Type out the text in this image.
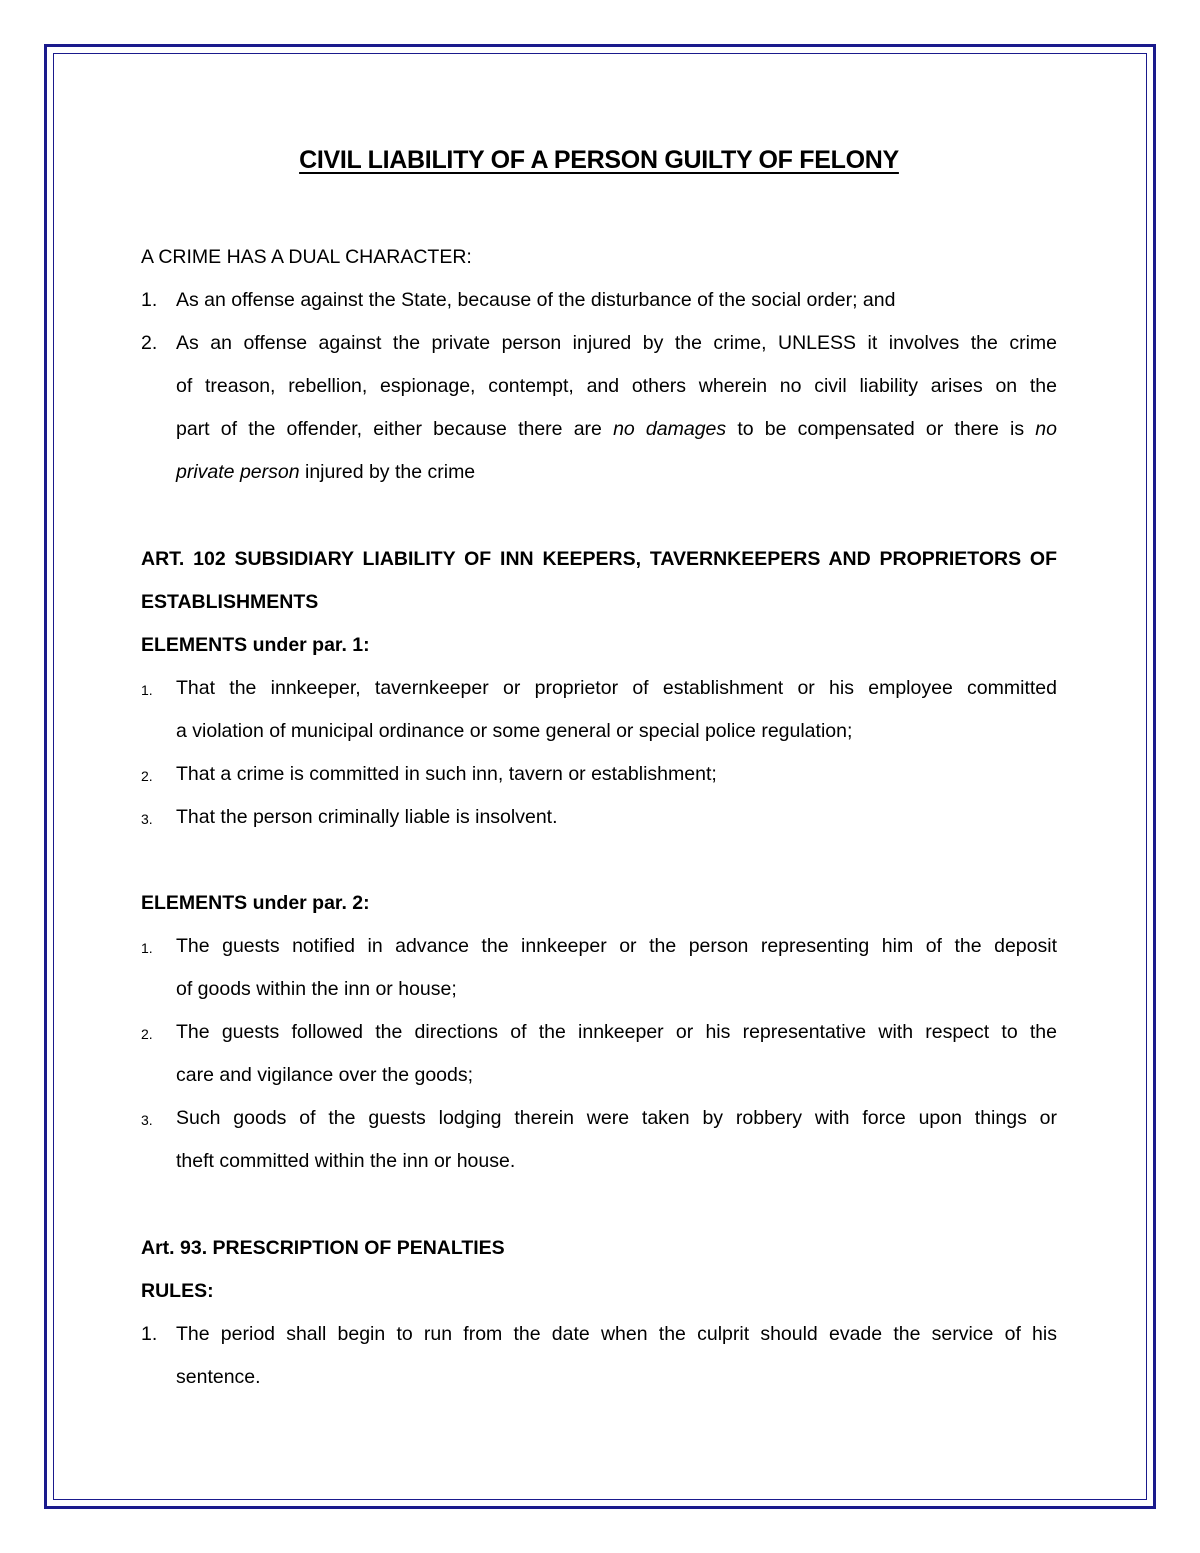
CIVIL LIABILITY OF A PERSON GUILTY OF FELONY
A CRIME HAS A DUAL CHARACTER:
1. As an offense against the State, because of the disturbance of the social order; and
2. As an offense against the private person injured by the crime, UNLESS it involves the crime
of treason, rebellion, espionage, contempt, and others wherein no civil liability arises on the
part of the offender, either because there are no damages to be compensated or there is no
private person injured by the crime
ART. 102 SUBSIDIARY LIABILITY OF INN KEEPERS, TAVERNKEEPERS AND PROPRIETORS OF
ESTABLISHMENTS
ELEMENTS under par. 1:
1. That the innkeeper, tavernkeeper or proprietor of establishment or his employee committed
a violation of municipal ordinance or some general or special police regulation;
2. That a crime is committed in such inn, tavern or establishment;
3. That the person criminally liable is insolvent.
ELEMENTS under par. 2:
1. The guests notified in advance the innkeeper or the person representing him of the deposit
of goods within the inn or house;
2. The guests followed the directions of the innkeeper or his representative with respect to the
care and vigilance over the goods;
3. Such goods of the guests lodging therein were taken by robbery with force upon things or
theft committed within the inn or house.
Art. 93. PRESCRIPTION OF PENALTIES
RULES:
1. The period shall begin to run from the date when the culprit should evade the service of his
sentence.
